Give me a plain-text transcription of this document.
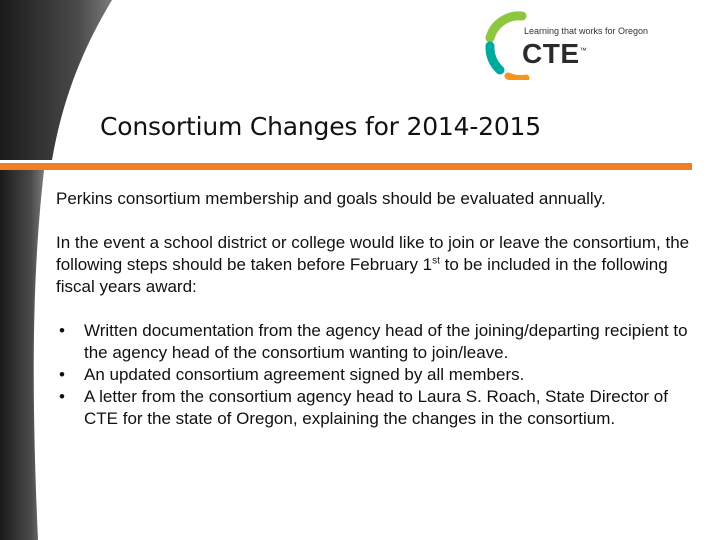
Learning that works for Oregon
CTE™
Consortium Changes for 2014-2015

Perkins consortium membership and goals should be evaluated annually.

In the event a school district or college would like to join or leave the consortium, the following steps should be taken before February 1st to be included in the following fiscal years award:

• Written documentation from the agency head of the joining/departing recipient to the agency head of the consortium wanting to join/leave.
• An updated consortium agreement signed by all members.
• A letter from the consortium agency head to Laura S. Roach, State Director of CTE for the state of Oregon, explaining the changes in the consortium.
